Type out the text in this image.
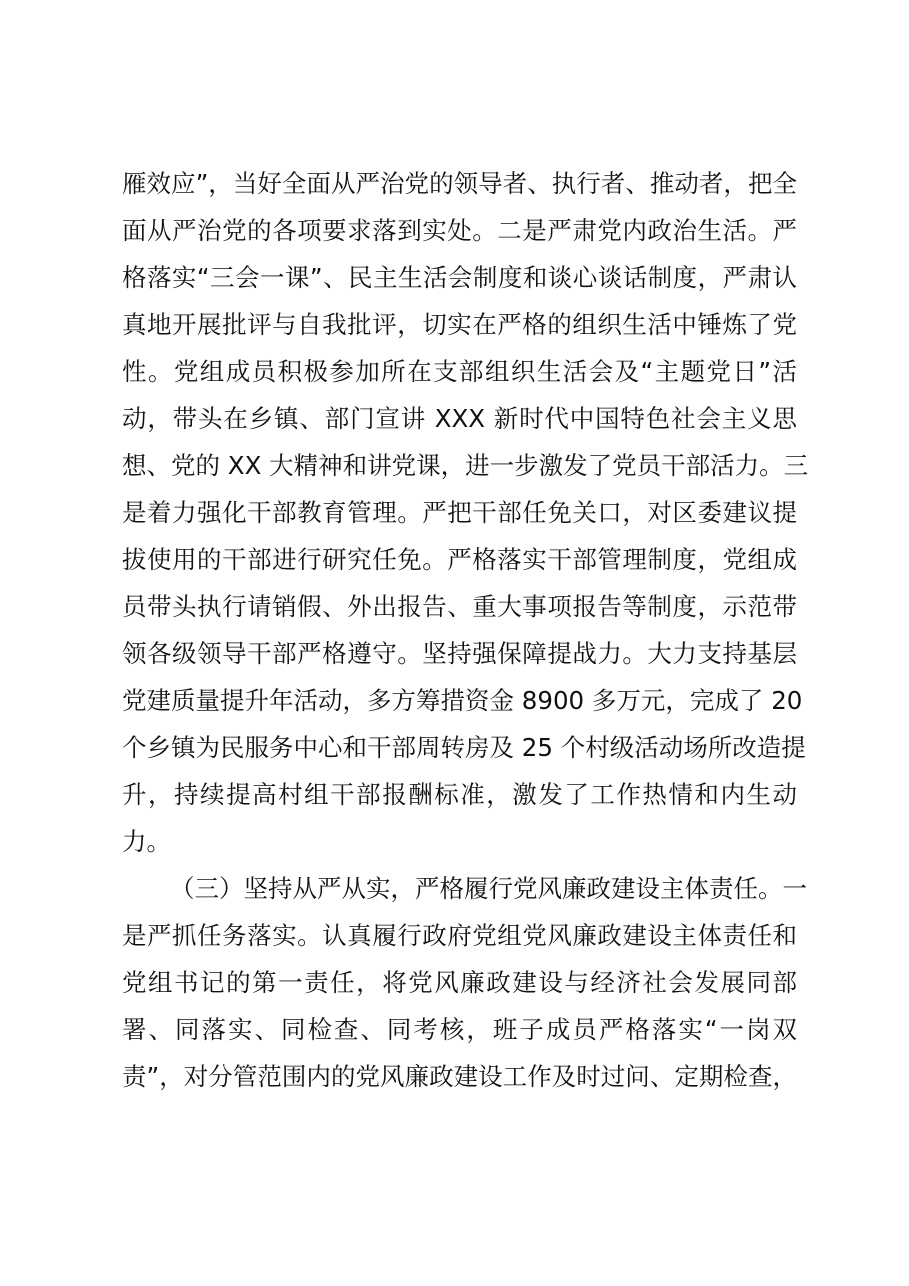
雁效应”，当好全面从严治党的领导者、执行者、推动者，把全
面从严治党的各项要求落到实处。二是严肃党内政治生活。严
格落实“三会一课”、民主生活会制度和谈心谈话制度，严肃认
真地开展批评与自我批评，切实在严格的组织生活中锤炼了党
性。党组成员积极参加所在支部组织生活会及“主题党日”活
动，带头在乡镇、部门宣讲 XXX 新时代中国特色社会主义思
想、党的 XX 大精神和讲党课，进一步激发了党员干部活力。三
是着力强化干部教育管理。严把干部任免关口，对区委建议提
拔使用的干部进行研究任免。严格落实干部管理制度，党组成
员带头执行请销假、外出报告、重大事项报告等制度，示范带
领各级领导干部严格遵守。坚持强保障提战力。大力支持基层
党建质量提升年活动，多方筹措资金 8900 多万元，完成了 20
个乡镇为民服务中心和干部周转房及 25 个村级活动场所改造提
升，持续提高村组干部报酬标准，激发了工作热情和内生动
力。
（三）坚持从严从实，严格履行党风廉政建设主体责任。一
是严抓任务落实。认真履行政府党组党风廉政建设主体责任和
党组书记的第一责任，将党风廉政建设与经济社会发展同部
署、同落实、同检查、同考核，班子成员严格落实“一岗双
责”，对分管范围内的党风廉政建设工作及时过问、定期检查，
